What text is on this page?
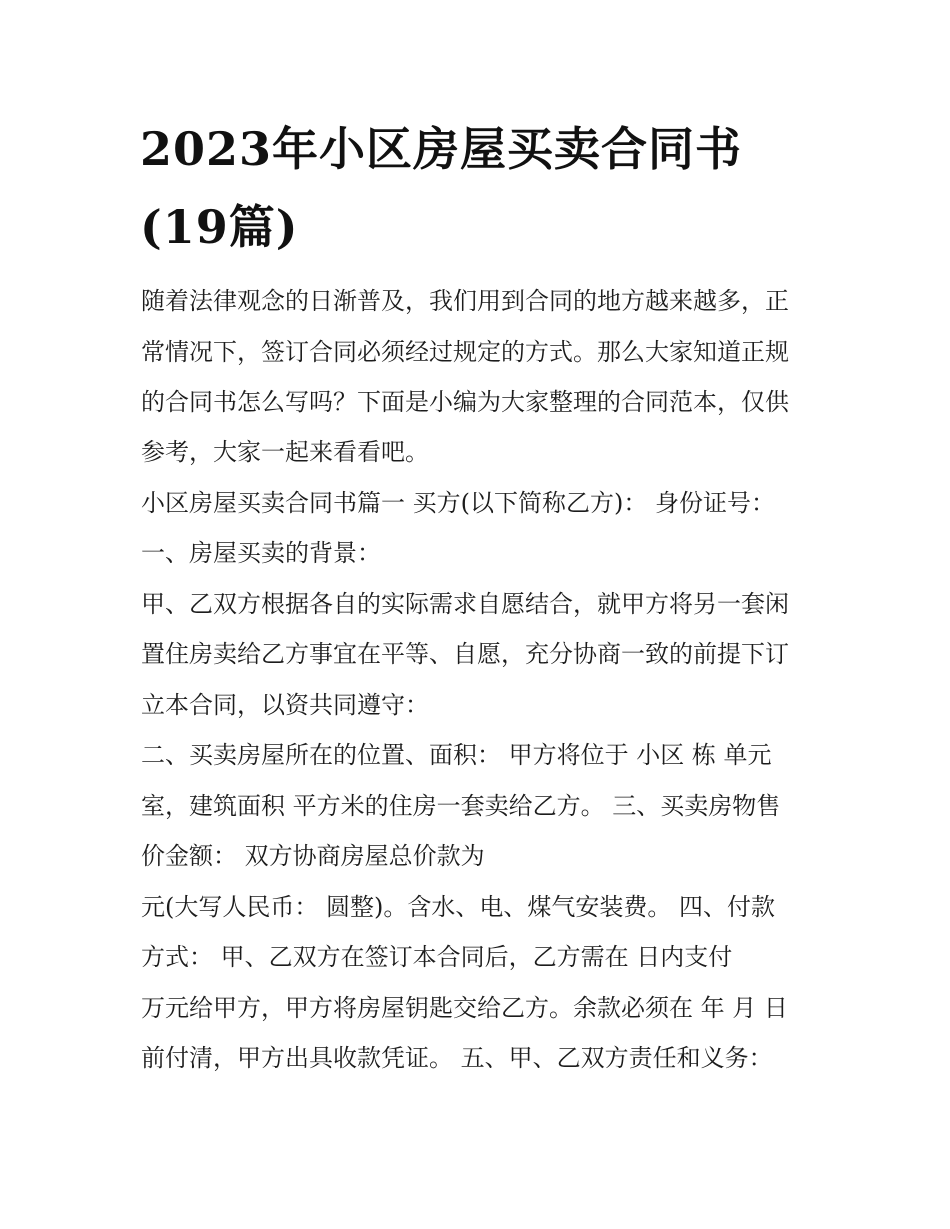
2023年小区房屋买卖合同书
(19篇)
随着法律观念的日渐普及，我们用到合同的地方越来越多，正
常情况下，签订合同必须经过规定的方式。那么大家知道正规
的合同书怎么写吗？下面是小编为大家整理的合同范本，仅供
参考，大家一起来看看吧。
小区房屋买卖合同书篇一 买方(以下简称乙方)： 身份证号：
一、房屋买卖的背景：
甲、乙双方根据各自的实际需求自愿结合，就甲方将另一套闲
置住房卖给乙方事宜在平等、自愿，充分协商一致的前提下订
立本合同，以资共同遵守：
二、买卖房屋所在的位置、面积： 甲方将位于 小区 栋 单元
室，建筑面积 平方米的住房一套卖给乙方。 三、买卖房物售
价金额： 双方协商房屋总价款为
元(大写人民币： 圆整)。含水、电、煤气安装费。 四、付款
方式： 甲、乙双方在签订本合同后，乙方需在 日内支付
万元给甲方，甲方将房屋钥匙交给乙方。余款必须在 年 月 日
前付清，甲方出具收款凭证。 五、甲、乙双方责任和义务：
